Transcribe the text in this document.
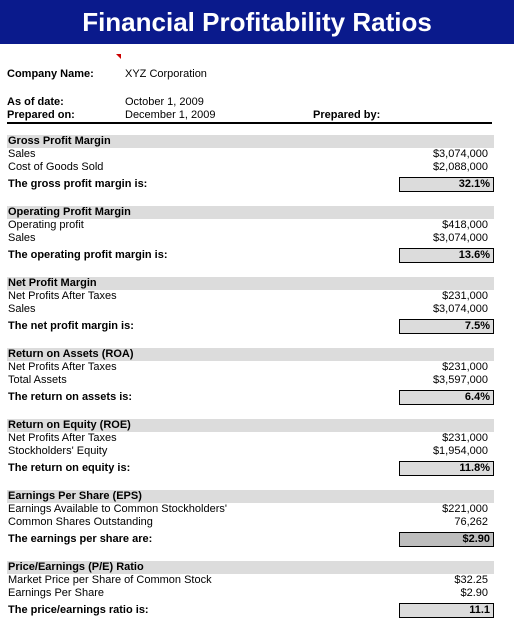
Financial Profitability Ratios
Company Name:	XYZ Corporation
As of date:	October 1, 2009
Prepared on:	December 1, 2009	Prepared by:
Gross Profit Margin
Sales	$3,074,000
Cost of Goods Sold	$2,088,000
The gross profit margin is:	32.1%
Operating Profit Margin
Operating profit	$418,000
Sales	$3,074,000
The operating profit margin is:	13.6%
Net Profit Margin
Net Profits After Taxes	$231,000
Sales	$3,074,000
The net profit margin is:	7.5%
Return on Assets (ROA)
Net Profits After Taxes	$231,000
Total Assets	$3,597,000
The return on assets is:	6.4%
Return on Equity (ROE)
Net Profits After Taxes	$231,000
Stockholders' Equity	$1,954,000
The return on equity is:	11.8%
Earnings Per Share (EPS)
Earnings Available to Common Stockholders'	$221,000
Common Shares Outstanding	76,262
The earnings per share are:	$2.90
Price/Earnings (P/E) Ratio
Market Price per Share of Common Stock	$32.25
Earnings Per Share	$2.90
The price/earnings ratio is:	11.1
